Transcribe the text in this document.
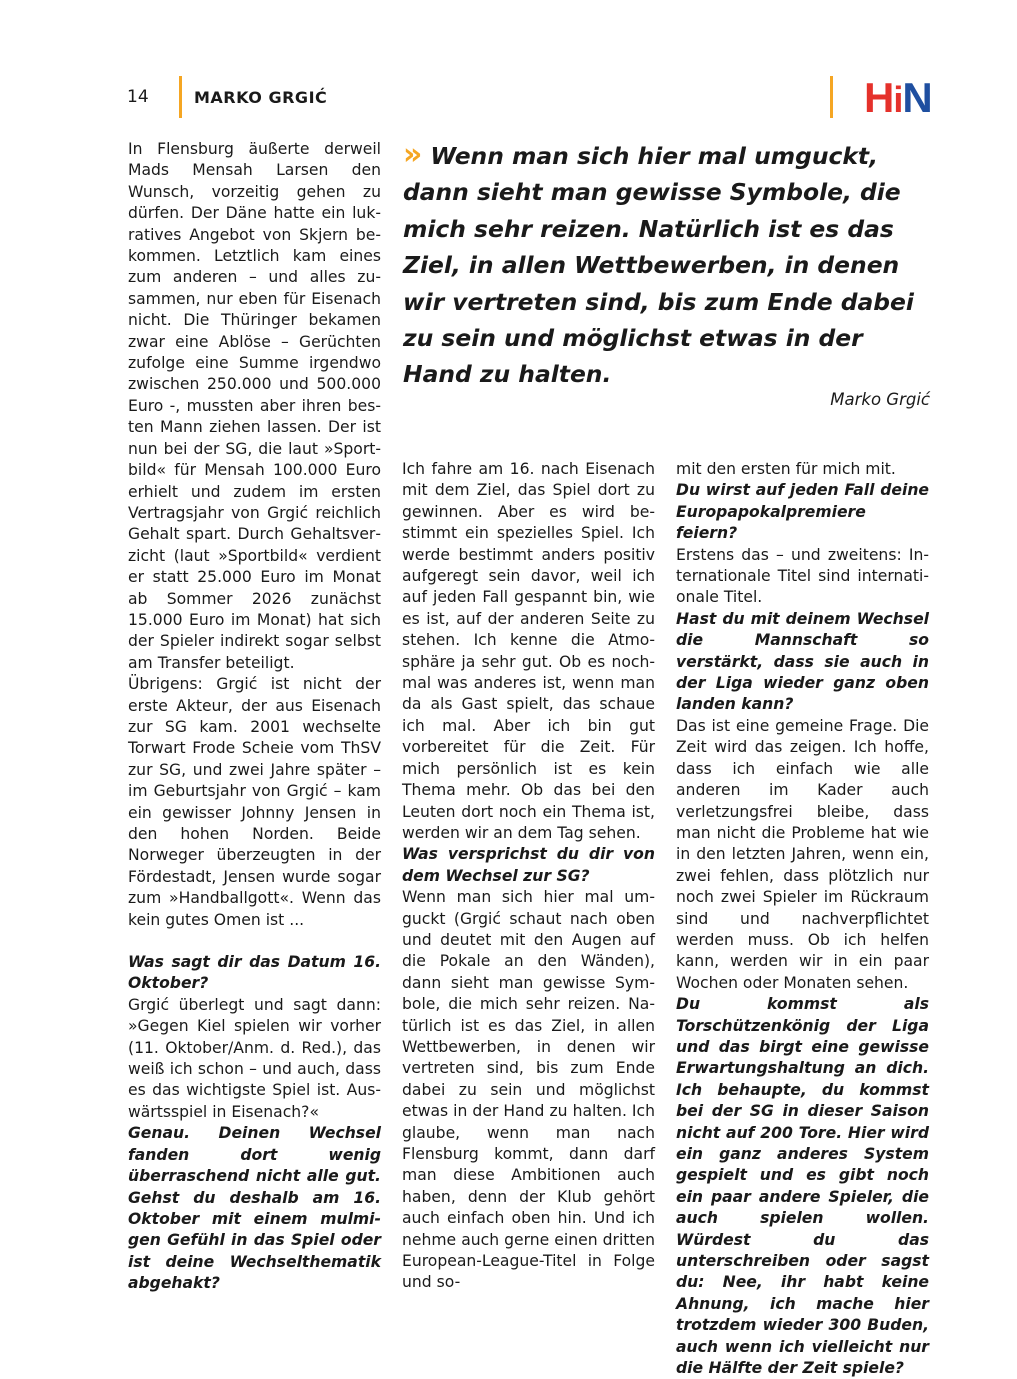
14	MARKO GRGIĆ	HiN
» Wenn man sich hier mal umguckt, dann sieht man gewisse Symbole, die mich sehr reizen. Natürlich ist es das Ziel, in allen Wettbewerben, in denen wir vertreten sind, bis zum Ende dabei zu sein und möglichst etwas in der Hand zu halten.
Marko Grgić

In Flensburg äußerte derweil Mads Mensah Larsen den Wunsch, vorzeitig gehen zu dürfen. Der Däne hatte ein lukratives Angebot von Skjern bekommen. Letztlich kam eines zum anderen – und alles zusammen, nur eben für Eisenach nicht. Die Thüringer bekamen zwar eine Ablöse – Gerüchten zufolge eine Summe irgendwo zwischen 250.000 und 500.000 Euro -, mussten aber ihren besten Mann ziehen lassen. Der ist nun bei der SG, die laut »Sportbild« für Mensah 100.000 Euro erhielt und zudem im ersten Vertragsjahr von Grgić reichlich Gehalt spart. Durch Gehaltsverzicht (laut »Sportbild« verdient er statt 25.000 Euro im Monat ab Sommer 2026 zunächst 15.000 Euro im Monat) hat sich der Spieler indirekt sogar selbst am Transfer beteiligt.

Übrigens: Grgić ist nicht der erste Akteur, der aus Eisenach zur SG kam. 2001 wechselte Torwart Frode Scheie vom ThSV zur SG, und zwei Jahre später – im Geburtsjahr von Grgić – kam ein gewisser Johnny Jensen in den hohen Norden. Beide Norweger überzeugten in der Fördestadt, Jensen wurde sogar zum »Handballgott«. Wenn das kein gutes Omen ist ...

Was sagt dir das Datum 16. Oktober?

Grgić überlegt und sagt dann: »Gegen Kiel spielen wir vorher (11. Oktober/Anm. d. Red.), das weiß ich schon – und auch, dass es das wichtigste Spiel ist. Auswärtsspiel in Eisenach?«

Genau. Deinen Wechsel fanden dort wenig überraschend nicht alle gut. Gehst du deshalb am 16. Oktober mit einem mulmigen Gefühl in das Spiel oder ist deine Wechselthematik abgehakt?

Ich fahre am 16. nach Eisenach mit dem Ziel, das Spiel dort zu gewinnen. Aber es wird bestimmt ein spezielles Spiel. Ich werde bestimmt anders positiv aufgeregt sein davor, weil ich auf jeden Fall gespannt bin, wie es ist, auf der anderen Seite zu stehen. Ich kenne die Atmosphäre ja sehr gut. Ob es nochmal was anderes ist, wenn man da als Gast spielt, das schaue ich mal. Aber ich bin gut vorbereitet für die Zeit. Für mich persönlich ist es kein Thema mehr. Ob das bei den Leuten dort noch ein Thema ist, werden wir an dem Tag sehen.

Was versprichst du dir von dem Wechsel zur SG?

Wenn man sich hier mal umguckt (Grgić schaut nach oben und deutet mit den Augen auf die Pokale an den Wänden), dann sieht man gewisse Symbole, die mich sehr reizen. Natürlich ist es das Ziel, in allen Wettbewerben, in denen wir vertreten sind, bis zum Ende dabei zu sein und möglichst etwas in der Hand zu halten. Ich glaube, wenn man nach Flensburg kommt, dann darf man diese Ambitionen auch haben, denn der Klub gehört auch einfach oben hin. Und ich nehme auch gerne einen dritten European-League-Titel in Folge und so-

mit den ersten für mich mit.

Du wirst auf jeden Fall deine Europapokalpremiere feiern?

Erstens das – und zweitens: Internationale Titel sind internationale Titel.

Hast du mit deinem Wechsel die Mannschaft so verstärkt, dass sie auch in der Liga wieder ganz oben landen kann?

Das ist eine gemeine Frage. Die Zeit wird das zeigen. Ich hoffe, dass ich einfach wie alle anderen im Kader auch verletzungsfrei bleibe, dass man nicht die Probleme hat wie in den letzten Jahren, wenn ein, zwei fehlen, dass plötzlich nur noch zwei Spieler im Rückraum sind und nachverpflichtet werden muss. Ob ich helfen kann, werden wir in ein paar Wochen oder Monaten sehen.

Du kommst als Torschützenkönig der Liga und das birgt eine gewisse Erwartungshaltung an dich. Ich behaupte, du kommst bei der SG in dieser Saison nicht auf 200 Tore. Hier wird ein ganz anderes System gespielt und es gibt noch ein paar andere Spieler, die auch spielen wollen. Würdest du das unterschreiben oder sagst du: Nee, ihr habt keine Ahnung, ich mache hier trotzdem wieder 300 Buden, auch wenn ich vielleicht nur die Hälfte der Zeit spiele?
